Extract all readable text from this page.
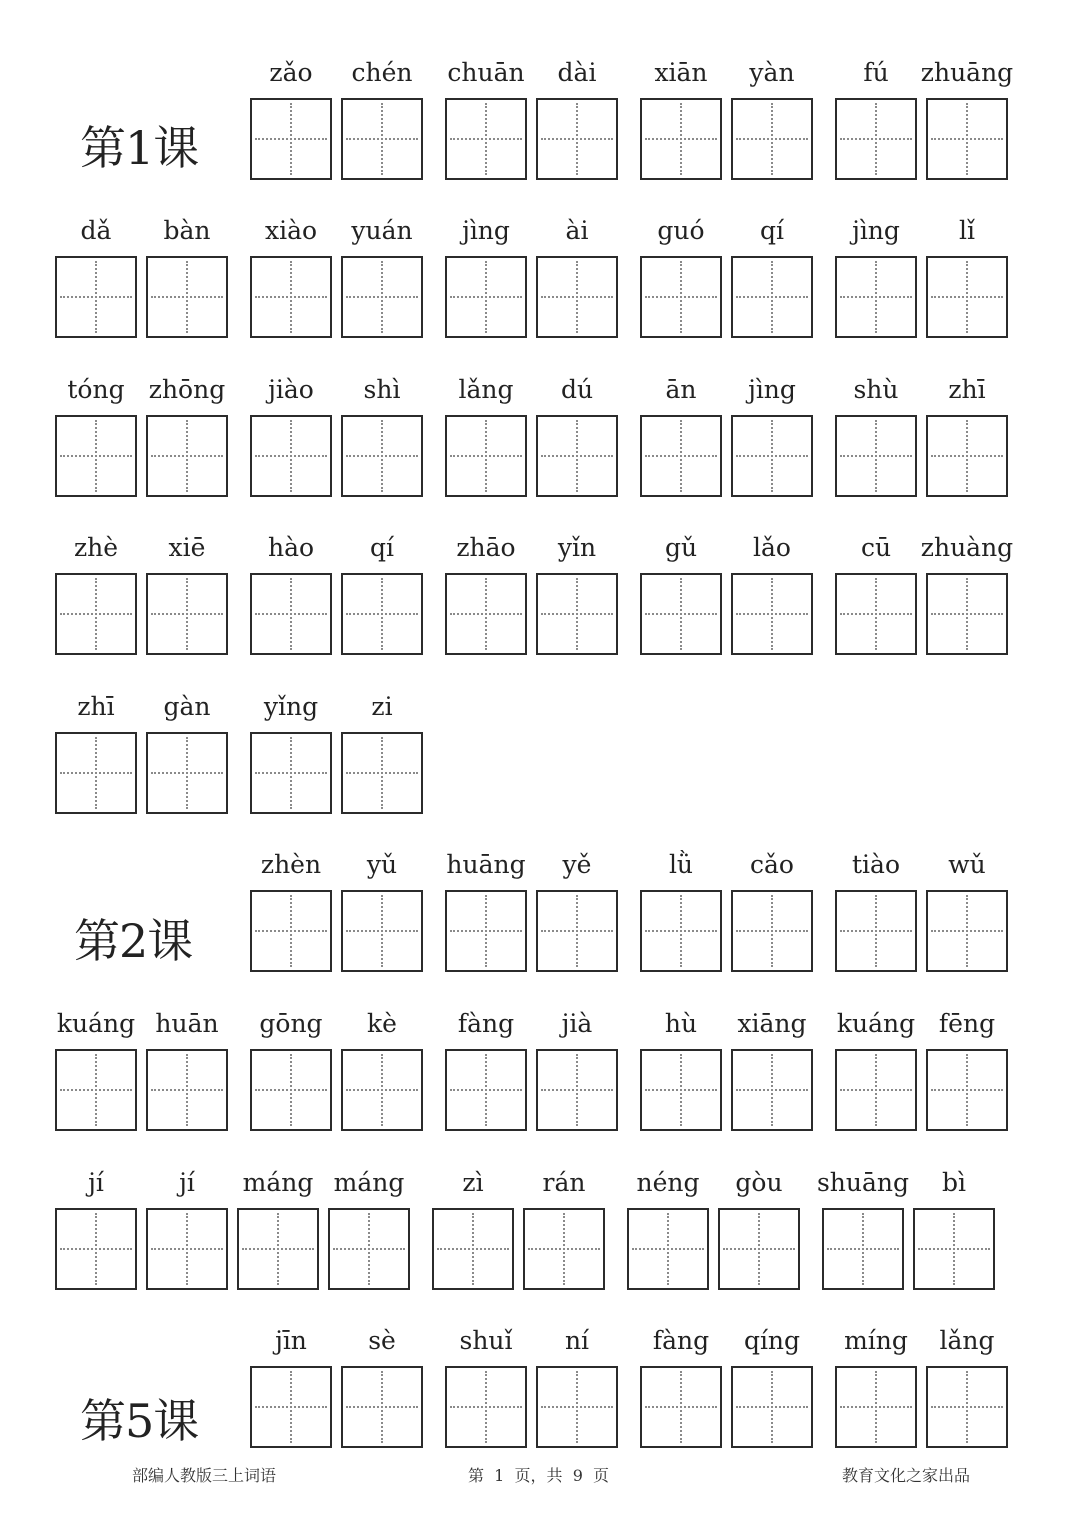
第1课
第2课
第5课
部编人教版三上词语	第  1  页，共  9  页	教育文化之家出品
zǎo	chén	chuān	dài	xiān	yàn	fú	zhuāng
dǎ	bàn	xiào	yuán	jìng	ài	guó	qí	jìng	lǐ
tóng zhōng	jiào	shì	lǎng	dú	ān	jìng	shù	zhī
zhè	xiē	hào	qí	zhāo	yǐn	gǔ	lǎo	cū	zhuàng
zhī	gàn	yǐng	zi
zhèn	yǔ	huāng	yě	lǜ	cǎo	tiào	wǔ
kuáng huān	gōng	kè	fàng	jià	hù	xiāng	kuáng fēng
jí	jí	máng máng	zì	rán	néng	gòu	shuāng	bì
jīn	sè	shuǐ	ní	fàng	qíng	míng	lǎng
